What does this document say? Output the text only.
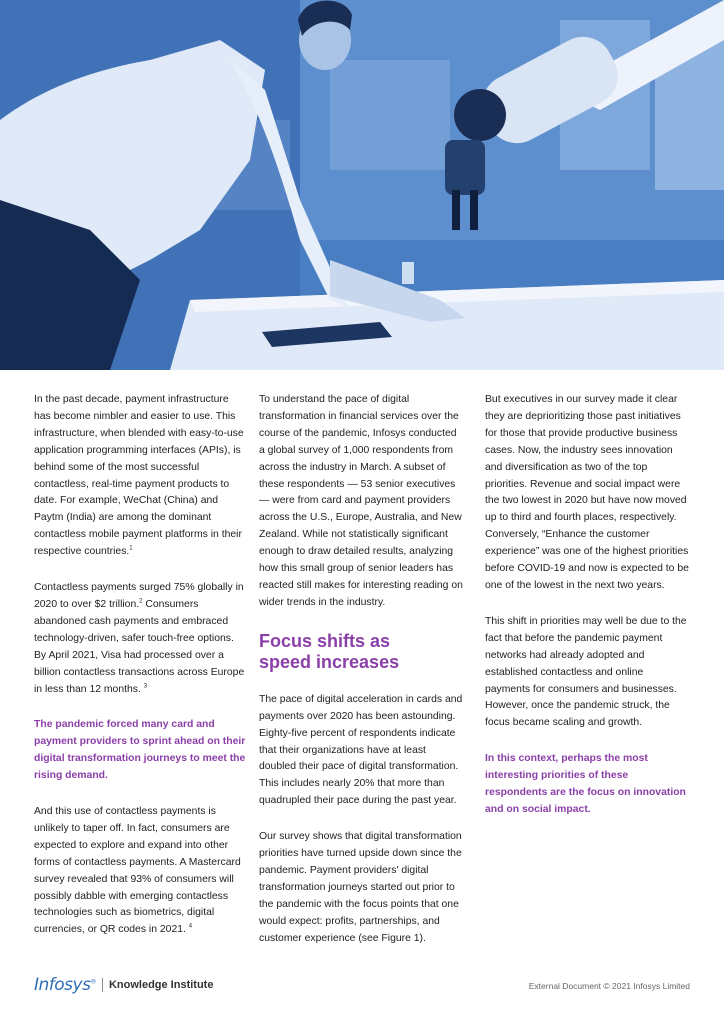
In the past decade, payment infrastructure has become nimbler and easier to use. This infrastructure, when blended with easy-to-use application programming interfaces (APIs), is behind some of the most successful contactless, real-time payment products to date. For example, WeChat (China) and Paytm (India) are among the dominant contactless mobile payment platforms in their respective countries.$^1$

Contactless payments surged 75% globally in 2020 to over $2 trillion.$^2$ Consumers abandoned cash payments and embraced technology-driven, safer touch-free options. By April 2021, Visa had processed over a billion contactless transactions across Europe in less than 12 months. $^3$

The pandemic forced many card and payment providers to sprint ahead on their digital transformation journeys to meet the rising demand.

And this use of contactless payments is unlikely to taper off. In fact, consumers are expected to explore and expand into other forms of contactless payments. A Mastercard survey revealed that 93% of consumers will possibly dabble with emerging contactless technologies such as biometrics, digital currencies, or QR codes in 2021. $^4$

To understand the pace of digital transformation in financial services over the course of the pandemic, Infosys conducted a global survey of 1,000 respondents from across the industry in March. A subset of these respondents — 53 senior executives — were from card and payment providers across the U.S., Europe, Australia, and New Zealand. While not statistically significant enough to draw detailed results, analyzing how this small group of senior leaders has reacted still makes for interesting reading on wider trends in the industry.

Focus shifts as
speed increases

The pace of digital acceleration in cards and payments over 2020 has been astounding. Eighty-five percent of respondents indicate that their organizations have at least doubled their pace of digital transformation. This includes nearly 20% that more than quadrupled their pace during the past year.

Our survey shows that digital transformation priorities have turned upside down since the pandemic. Payment providers' digital transformation journeys started out prior to the pandemic with the focus points that one would expect: profits, partnerships, and customer experience (see Figure 1).

But executives in our survey made it clear they are deprioritizing those past initiatives for those that provide productive business cases. Now, the industry sees innovation and diversification as two of the top priorities. Revenue and social impact were the two lowest in 2020 but have now moved up to third and fourth places, respectively. Conversely, “Enhance the customer experience” was one of the highest priorities before COVID-19 and now is expected to be one of the lowest in the next two years.

This shift in priorities may well be due to the fact that before the pandemic payment networks had already adopted and established contactless and online payments for consumers and businesses. However, once the pandemic struck, the focus became scaling and growth.

In this context, perhaps the most interesting priorities of these respondents are the focus on innovation and on social impact.

Infosys® Knowledge Institute	External Document © 2021 Infosys Limited
